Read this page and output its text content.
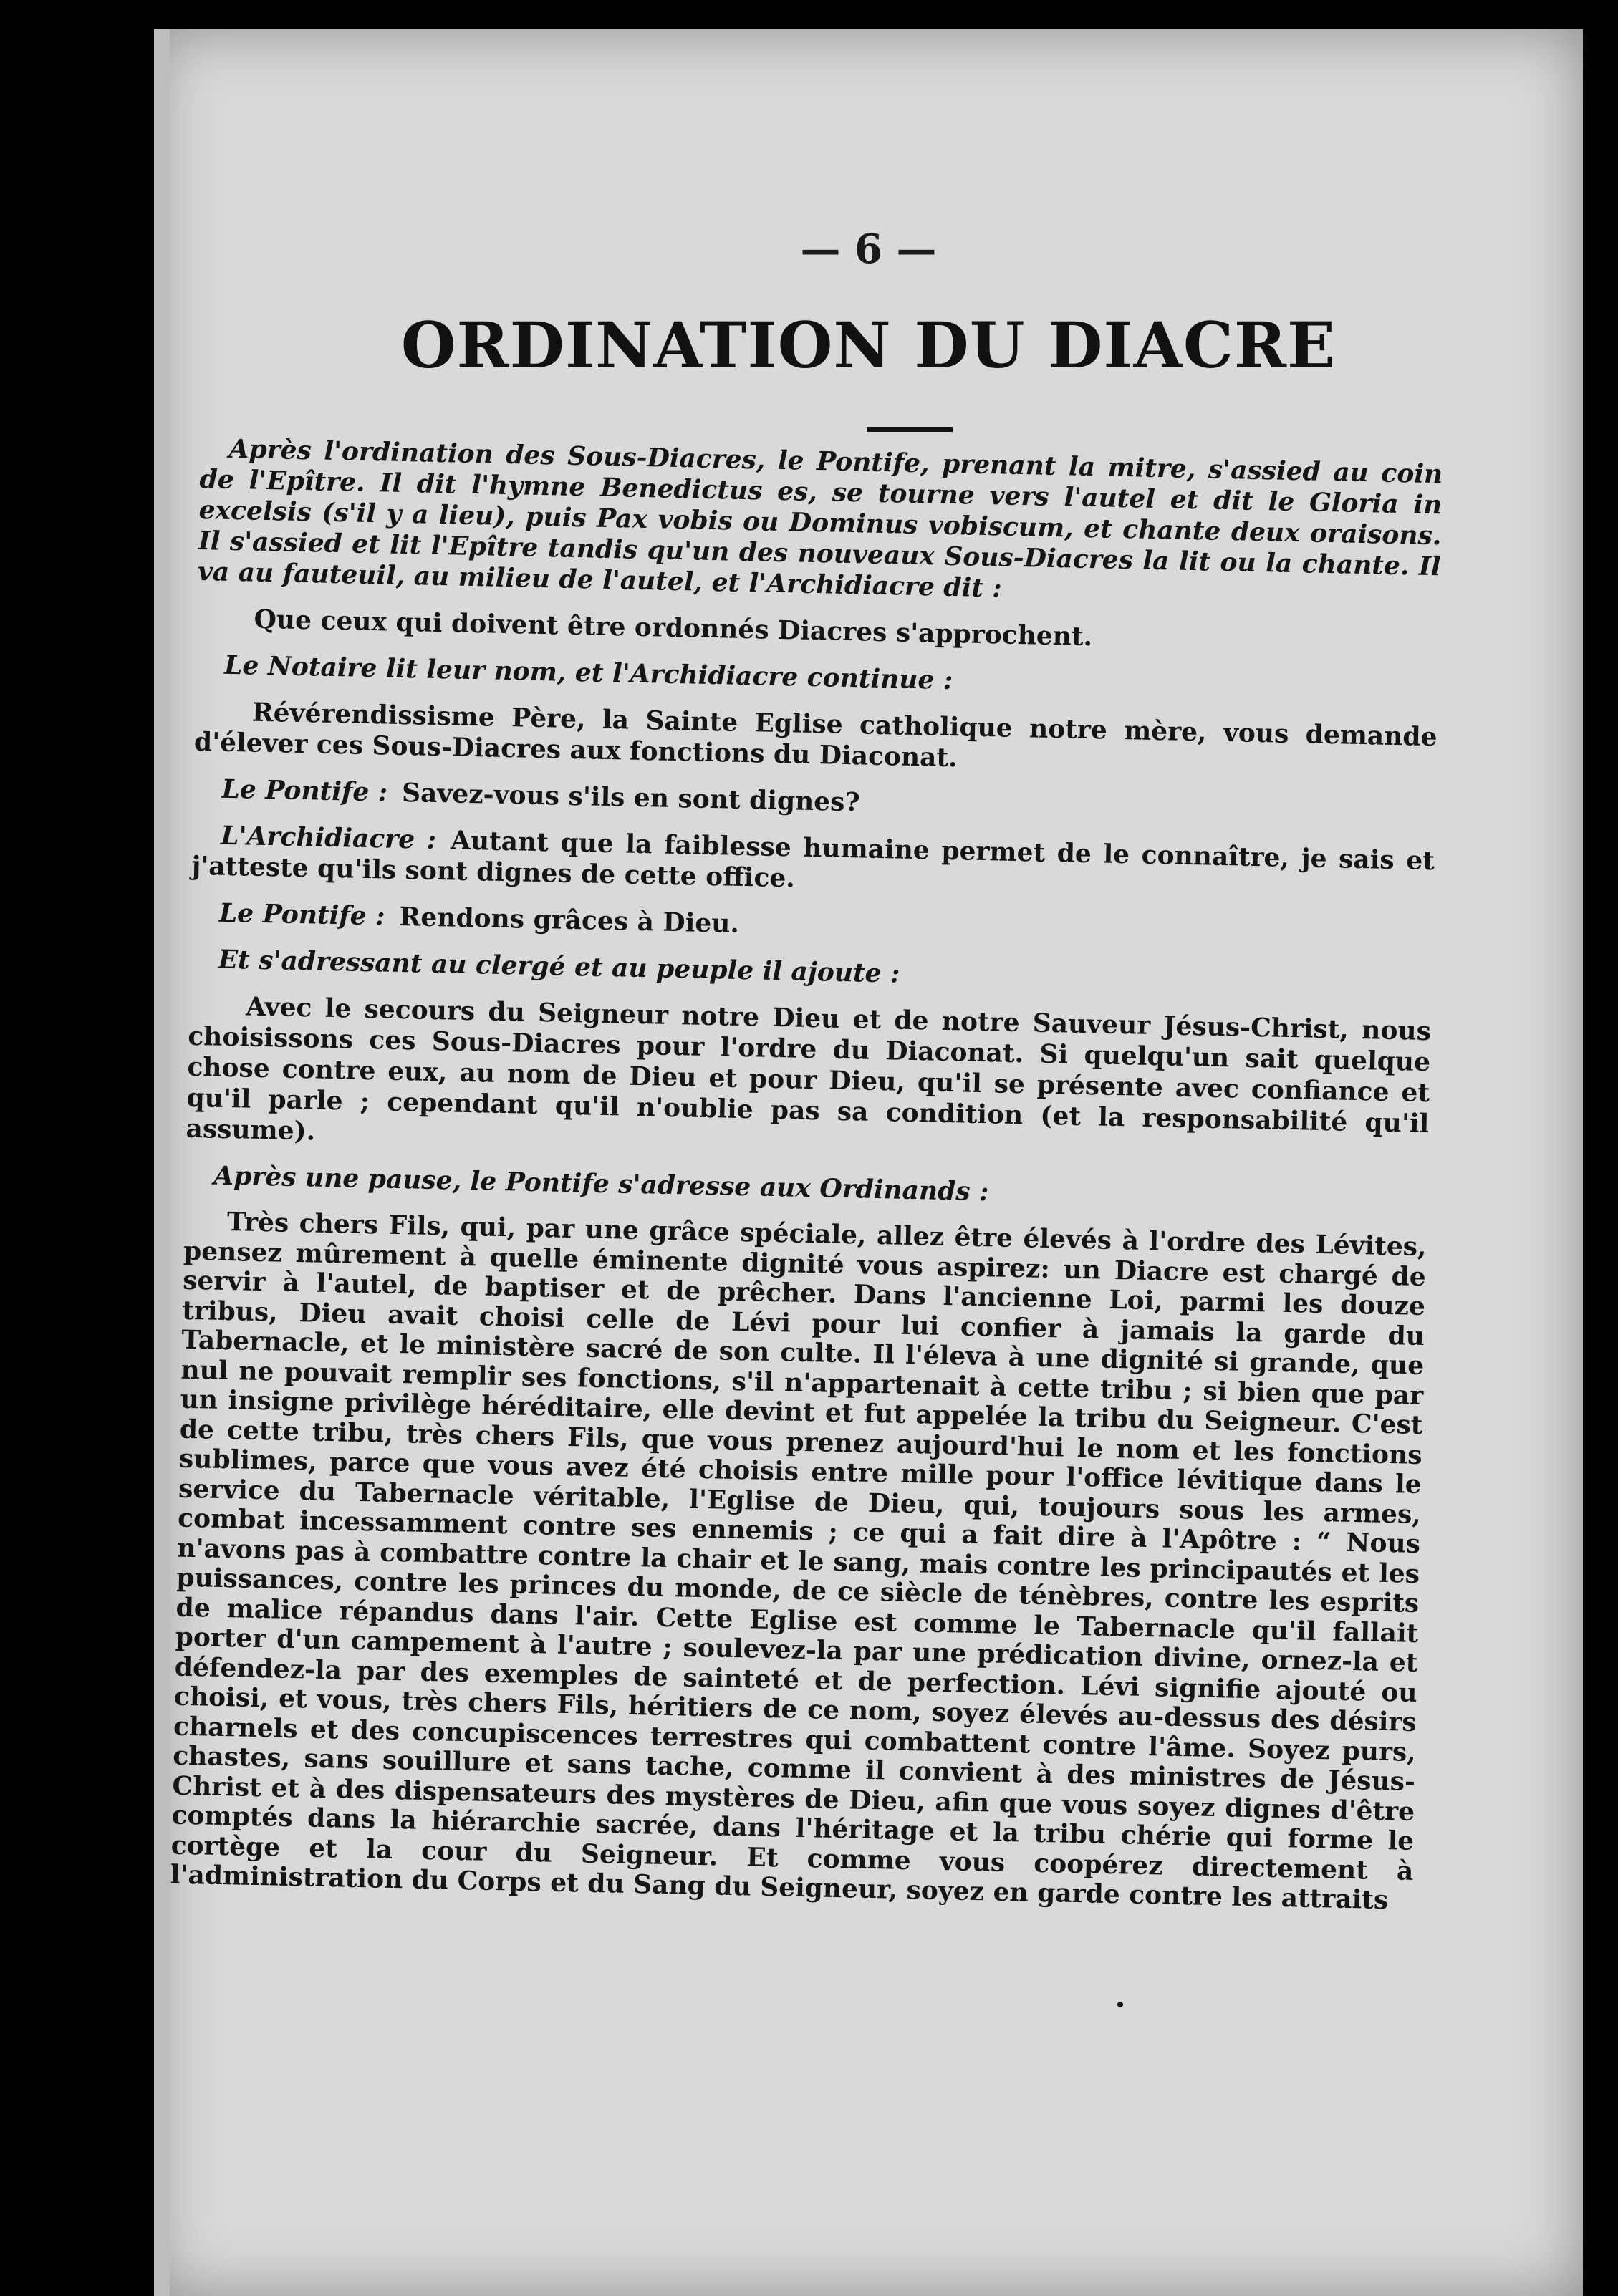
— 6 —
ORDINATION DU DIACRE

Après l'ordination des Sous-Diacres, le Pontife, prenant la mitre, s'assied au coin de l'Epître. Il dit l'hymne Benedictus es, se tourne vers l'autel et dit le Gloria in excelsis (s'il y a lieu), puis Pax vobis ou Dominus vobiscum, et chante deux oraisons. Il s'assied et lit l'Epître tandis qu'un des nouveaux Sous-Diacres la lit ou la chante. Il va au fauteuil, au milieu de l'autel, et l'Archidiacre dit :

Que ceux qui doivent être ordonnés Diacres s'approchent.

Le Notaire lit leur nom, et l'Archidiacre continue :

Révérendissisme Père, la Sainte Eglise catholique notre mère, vous demande d'élever ces Sous-Diacres aux fonctions du Diaconat.

Le Pontife : Savez-vous s'ils en sont dignes?

L'Archidiacre : Autant que la faiblesse humaine permet de le connaître, je sais et j'atteste qu'ils sont dignes de cette office.

Le Pontife : Rendons grâces à Dieu.

Et s'adressant au clergé et au peuple il ajoute :

Avec le secours du Seigneur notre Dieu et de notre Sauveur Jésus-Christ, nous choisissons ces Sous-Diacres pour l'ordre du Diaconat. Si quelqu'un sait quelque chose contre eux, au nom de Dieu et pour Dieu, qu'il se présente avec confiance et qu'il parle ; cependant qu'il n'oublie pas sa condition (et la responsabilité qu'il assume).

Après une pause, le Pontife s'adresse aux Ordinands :

Très chers Fils, qui, par une grâce spéciale, allez être élevés à l'ordre des Lévites, pensez mûrement à quelle éminente dignité vous aspirez: un Diacre est chargé de servir à l'autel, de baptiser et de prêcher. Dans l'ancienne Loi, parmi les douze tribus, Dieu avait choisi celle de Lévi pour lui confier à jamais la garde du Tabernacle, et le ministère sacré de son culte. Il l'éleva à une dignité si grande, que nul ne pouvait remplir ses fonctions, s'il n'appartenait à cette tribu ; si bien que par un insigne privilège héréditaire, elle devint et fut appelée la tribu du Seigneur. C'est de cette tribu, très chers Fils, que vous prenez aujourd'hui le nom et les fonctions sublimes, parce que vous avez été choisis entre mille pour l'office lévitique dans le service du Tabernacle véritable, l'Eglise de Dieu, qui, toujours sous les armes, combat incessamment contre ses ennemis ; ce qui a fait dire à l'Apôtre : “ Nous n'avons pas à combattre contre la chair et le sang, mais contre les principautés et les puissances, contre les princes du monde, de ce siècle de ténèbres, contre les esprits de malice répandus dans l'air. Cette Eglise est comme le Tabernacle qu'il fallait porter d'un campement à l'autre ; soulevez-la par une prédication divine, ornez-la et défendez-la par des exemples de sainteté et de perfection. Lévi signifie ajouté ou choisi, et vous, très chers Fils, héritiers de ce nom, soyez élevés au-dessus des désirs charnels et des concupiscences terrestres qui combattent contre l'âme. Soyez purs, chastes, sans souillure et sans tache, comme il convient à des ministres de Jésus-Christ et à des dispensateurs des mystères de Dieu, afin que vous soyez dignes d'être comptés dans la hiérarchie sacrée, dans l'héritage et la tribu chérie qui forme le cortège et la cour du Seigneur. Et comme vous coopérez directement à l'administration du Corps et du Sang du Seigneur, soyez en garde contre les attraits
